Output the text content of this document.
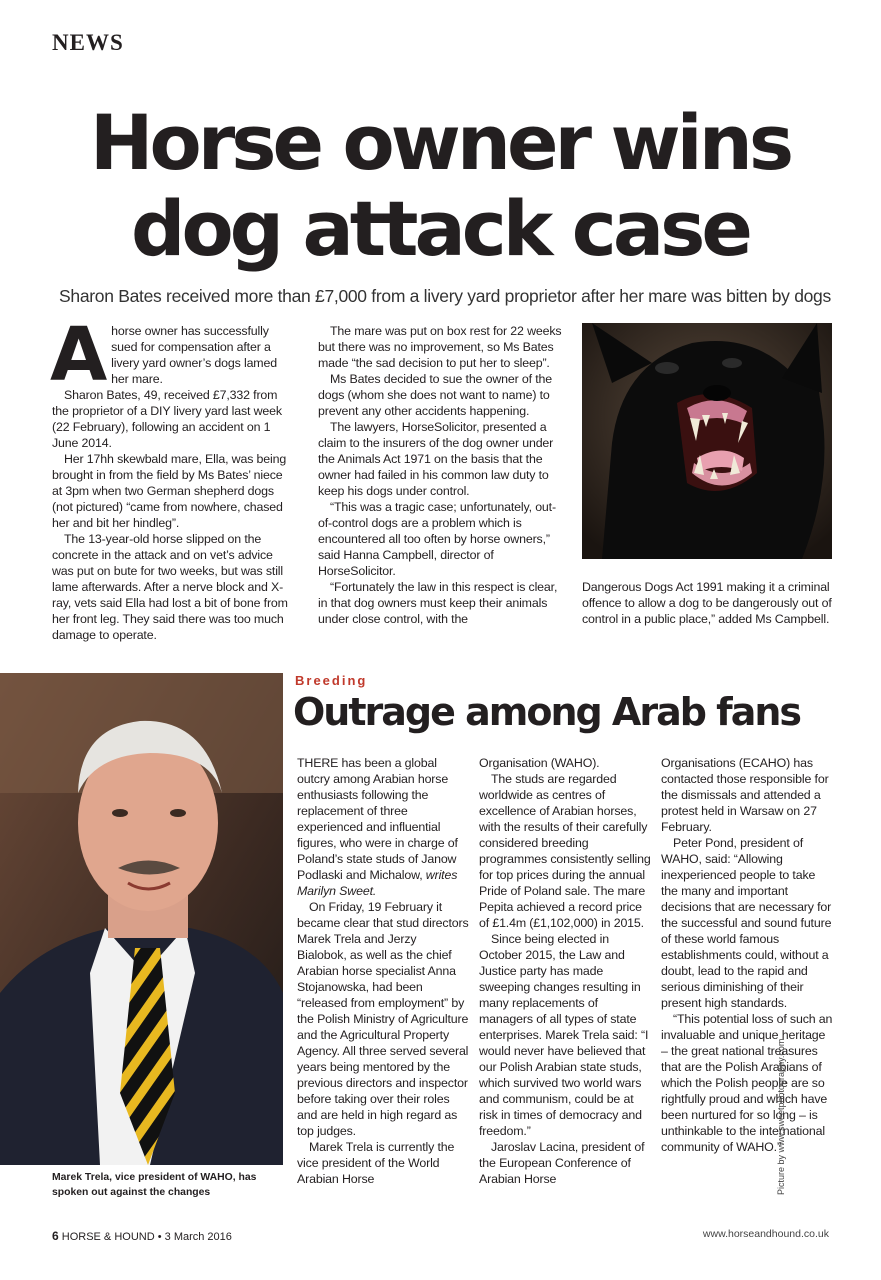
NEWS
Horse owner wins
dog attack case
Sharon Bates received more than £7,000 from a livery yard proprietor after her mare was bitten by dogs

Ahorse owner has successfully sued for compensation after a livery yard owner’s dogs lamed her mare.

Sharon Bates, 49, received £7,332 from the proprietor of a DIY livery yard last week (22 February), following an accident on 1 June 2014.

Her 17hh skewbald mare, Ella, was being brought in from the field by Ms Bates’ niece at 3pm when two German shepherd dogs (not pictured) “came from nowhere, chased her and bit her hindleg”.

The 13-year-old horse slipped on the concrete in the attack and on vet’s advice was put on bute for two weeks, but was still lame afterwards. After a nerve block and X-ray, vets said Ella had lost a bit of bone from her front leg. They said there was too much damage to operate.

The mare was put on box rest for 22 weeks but there was no improvement, so Ms Bates made “the sad decision to put her to sleep”.

Ms Bates decided to sue the owner of the dogs (whom she does not want to name) to prevent any other accidents happening.

The lawyers, HorseSolicitor, presented a claim to the insurers of the dog owner under the Animals Act 1971 on the basis that the owner had failed in his common law duty to keep his dogs under control.

“This was a tragic case; unfortunately, out-of-control dogs are a problem which is encountered all too often by horse owners,” said Hanna Campbell, director of HorseSolicitor.

“Fortunately the law in this respect is clear, in that dog owners must keep their animals under close control, with the

Dangerous Dogs Act 1991 making it a criminal offence to allow a dog to be dangerously out of control in a public place,” added Ms Campbell.

Marek Trela, vice president of WAHO, has spoken out against the changes
Breeding
Outrage among Arab fans

THERE has been a global outcry among Arabian horse enthusiasts following the replacement of three experienced and influential figures, who were in charge of Poland’s state studs of Janow Podlaski and Michalow, writes Marilyn Sweet.

On Friday, 19 February it became clear that stud directors Marek Trela and Jerzy Bialobok, as well as the chief Arabian horse specialist Anna Stojanowska, had been “released from employment” by the Polish Ministry of Agriculture and the Agricultural Property Agency. All three served several years being mentored by the previous directors and inspector before taking over their roles and are held in high regard as top judges.

Marek Trela is currently the vice president of the World Arabian Horse

Organisation (WAHO).

The studs are regarded worldwide as centres of excellence of Arabian horses, with the results of their carefully considered breeding programmes consistently selling for top prices during the annual Pride of Poland sale. The mare Pepita achieved a record price of £1.4m (£1,102,000) in 2015.

Since being elected in October 2015, the Law and Justice party has made sweeping changes resulting in many replacements of managers of all types of state enterprises. Marek Trela said: “I would never have believed that our Polish Arabian state studs, which survived two world wars and communism, could be at risk in times of democracy and freedom.”

Jaroslav Lacina, president of the European Conference of Arabian Horse

Organisations (ECAHO) has contacted those responsible for the dismissals and attended a protest held in Warsaw on 27 February.

Peter Pond, president of WAHO, said: “Allowing inexperienced people to take the many and important decisions that are necessary for the successful and sound future of these world famous establishments could, without a doubt, lead to the rapid and serious diminishing of their present high standards.

“This potential loss of such an invaluable and unique heritage – the great national treasures that are the Polish Arabians of which the Polish people are so rightfully proud and which have been nurtured for so long – is unthinkable to the international community of WAHO.”

Picture by www.sweetphotography.com
6 HORSE & HOUND • 3 March 2016	www.horseandhound.co.uk
